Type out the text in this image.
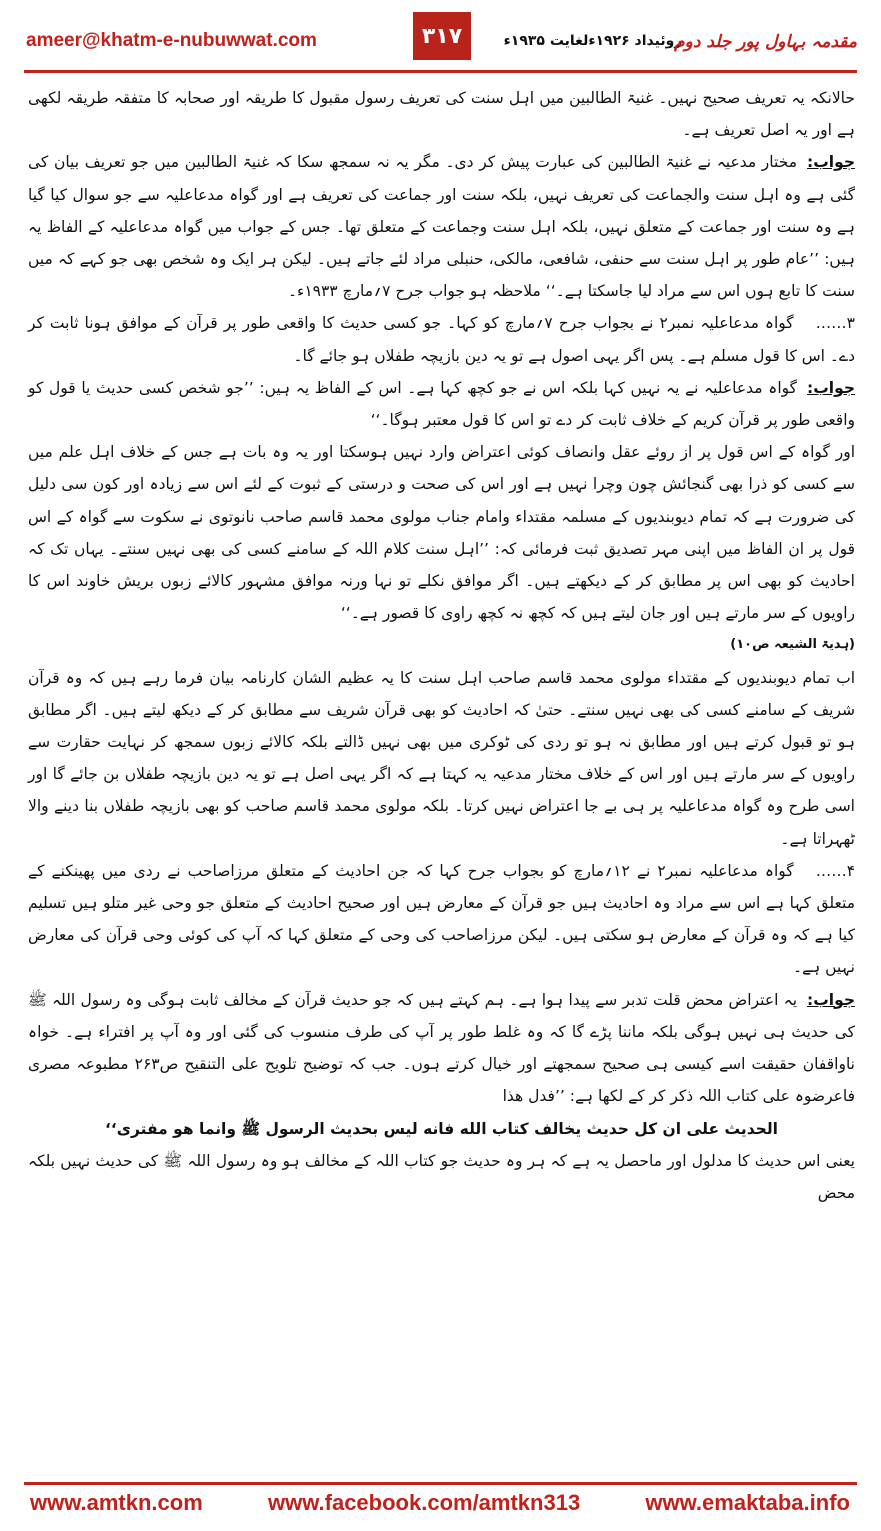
ameer@khatm-e-nubuwwat.com	۳۱۷	روئیداد ۱۹۲۶ءلغایت ۱۹۳۵ء
مقدمہ بہاول پور جلد دوم

حالانکہ یہ تعریف صحیح نہیں۔ غنیۃ الطالبین میں اہل سنت کی تعریف رسول مقبول کا طریقہ اور صحابہ کا متفقہ طریقہ لکھی ہے اور یہ اصل تعریف ہے۔

جواب:مختار مدعیہ نے غنیۃ الطالبین کی عبارت پیش کر دی۔ مگر یہ نہ سمجھ سکا کہ غنیۃ الطالبین میں جو تعریف بیان کی گئی ہے وہ اہل سنت والجماعت کی تعریف نہیں، بلکہ سنت اور جماعت کی تعریف ہے اور گواہ مدعاعلیہ سے جو سوال کیا گیا ہے وہ سنت اور جماعت کے متعلق نہیں، بلکہ اہل سنت وجماعت کے متعلق تھا۔ جس کے جواب میں گواہ مدعاعلیہ کے الفاظ یہ ہیں: ’’عام طور پر اہل سنت سے حنفی، شافعی، مالکی، حنبلی مراد لئے جاتے ہیں۔ لیکن ہر ایک وہ شخص بھی جو کہے کہ میں سنت کا تابع ہوں اس سے مراد لیا جاسکتا ہے۔‘‘ ملاحظہ ہو جواب جرح ۷؍مارچ ۱۹۳۳ء۔

۳……گواہ مدعاعلیہ نمبر۲ نے بجواب جرح ۷؍مارچ کو کہا۔ جو کسی حدیث کا واقعی طور پر قرآن کے موافق ہونا ثابت کر دے۔ اس کا قول مسلم ہے۔ پس اگر یہی اصول ہے تو یہ دین بازیچہ طفلاں ہو جائے گا۔

جواب:گواہ مدعاعلیہ نے یہ نہیں کہا بلکہ اس نے جو کچھ کہا ہے۔ اس کے الفاظ یہ ہیں: ’’جو شخص کسی حدیث یا قول کو واقعی طور پر قرآن کریم کے خلاف ثابت کر دے تو اس کا قول معتبر ہوگا۔‘‘

اور گواہ کے اس قول پر از روئے عقل وانصاف کوئی اعتراض وارد نہیں ہوسکتا اور یہ وہ بات ہے جس کے خلاف اہل علم میں سے کسی کو ذرا بھی گنجائش چون وچرا نہیں ہے اور اس کی صحت و درستی کے ثبوت کے لئے اس سے زیادہ اور کون سی دلیل کی ضرورت ہے کہ تمام دیوبندیوں کے مسلمہ مقتداء وامام جناب مولوی محمد قاسم صاحب نانوتوی نے سکوت سے گواہ کے اس قول پر ان الفاظ میں اپنی مہر تصدیق ثبت فرمائی کہ: ’’اہل سنت کلام اللہ کے سامنے کسی کی بھی نہیں سنتے۔ یہاں تک کہ احادیث کو بھی اس پر مطابق کر کے دیکھتے ہیں۔ اگر موافق نکلے تو نہا ورنہ موافق مشہور کالائے زبوں بریش خاوند اس کا راویوں کے سر مارتے ہیں اور جان لیتے ہیں کہ کچھ نہ کچھ راوی کا قصور ہے۔‘‘

(ہدیۃ الشیعہ ص۱۰)

اب تمام دیوبندیوں کے مقتداء مولوی محمد قاسم صاحب اہل سنت کا یہ عظیم الشان کارنامہ بیان فرما رہے ہیں کہ وہ قرآن شریف کے سامنے کسی کی بھی نہیں سنتے۔ حتیٰ کہ احادیث کو بھی قرآن شریف سے مطابق کر کے دیکھ لیتے ہیں۔ اگر مطابق ہو تو قبول کرتے ہیں اور مطابق نہ ہو تو ردی کی ٹوکری میں بھی نہیں ڈالتے بلکہ کالائے زبوں سمجھ کر نہایت حقارت سے راویوں کے سر مارتے ہیں اور اس کے خلاف مختار مدعیہ یہ کہتا ہے کہ اگر یہی اصل ہے تو یہ دین بازیچہ طفلاں بن جائے گا اور اسی طرح وہ گواہ مدعاعلیہ پر ہی بے جا اعتراض نہیں کرتا۔ بلکہ مولوی محمد قاسم صاحب کو بھی بازیچہ طفلاں بنا دینے والا ٹھہراتا ہے۔

۴……گواہ مدعاعلیہ نمبر۲ نے ۱۲؍مارچ کو بجواب جرح کہا کہ جن احادیث کے متعلق مرزاصاحب نے ردی میں پھینکنے کے متعلق کہا ہے اس سے مراد وہ احادیث ہیں جو قرآن کے معارض ہیں اور صحیح احادیث کے متعلق جو وحی غیر متلو ہیں تسلیم کیا ہے کہ وہ قرآن کے معارض ہو سکتی ہیں۔ لیکن مرزاصاحب کی وحی کے متعلق کہا کہ آپ کی کوئی وحی قرآن کی معارض نہیں ہے۔

جواب:یہ اعتراض محض قلت تدبر سے پیدا ہوا ہے۔ ہم کہتے ہیں کہ جو حدیث قرآن کے مخالف ثابت ہوگی وہ رسول اللہ ﷺ کی حدیث ہی نہیں ہوگی بلکہ ماننا پڑے گا کہ وہ غلط طور پر آپ کی طرف منسوب کی گئی اور وہ آپ پر افتراء ہے۔ خواہ ناواقفان حقیقت اسے کیسی ہی صحیح سمجھتے اور خیال کرتے ہوں۔ جب کہ توضیح تلویح علی التنقیح ص۲۶۳ مطبوعہ مصری فاعرضوہ علی کتاب اللہ ذکر کر کے لکھا ہے: ’’فدل هذا

الحديث على ان كل حديث يخالف كتاب الله فانه ليس بحديث الرسول ﷺ وانما هو مفترى‘‘

یعنی اس حدیث کا مدلول اور ماحصل یہ ہے کہ ہر وہ حدیث جو کتاب اللہ کے مخالف ہو وہ رسول اللہ ﷺ کی حدیث نہیں بلکہ محض

www.amtkn.com	www.facebook.com/amtkn313	www.emaktaba.info
